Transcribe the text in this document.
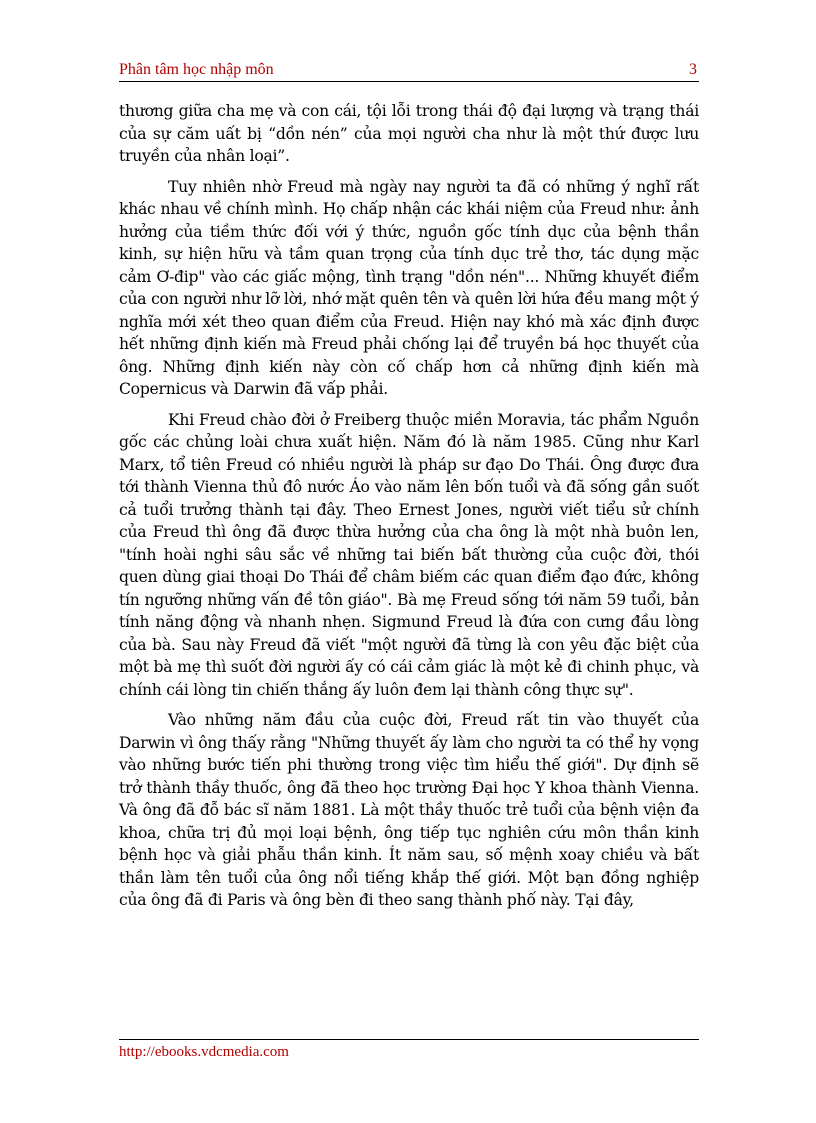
Phân tâm học nhập môn	3

thương giữa cha mẹ và con cái, tội lỗi trong thái độ đại lượng và trạng thái của sự căm uất bị “dồn nén” của mọi người cha như là một thứ được lưu truyền của nhân loại”.

Tuy nhiên nhờ Freud mà ngày nay người ta đã có những ý nghĩ rất khác nhau về chính mình. Họ chấp nhận các khái niệm của Freud như: ảnh hưởng của tiềm thức đối với ý thức, nguồn gốc tính dục của bệnh thần kinh, sự hiện hữu và tầm quan trọng của tính dục trẻ thơ, tác dụng mặc cảm Ơ-đip" vào các giấc mộng, tình trạng "dồn nén"... Những khuyết điểm của con người như lỡ lời, nhớ mặt quên tên và quên lời hứa đều mang một ý nghĩa mới xét theo quan điểm của Freud. Hiện nay khó mà xác định được hết những định kiến mà Freud phải chống lại để truyền bá học thuyết của ông. Những định kiến này còn cố chấp hơn cả những định kiến mà Copernicus và Darwin đã vấp phải.

Khi Freud chào đời ở Freiberg thuộc miền Moravia, tác phẩm Nguồn gốc các chủng loài chưa xuất hiện. Năm đó là năm 1985. Cũng như Karl Marx, tổ tiên Freud có nhiều người là pháp sư đạo Do Thái. Ông được đưa tới thành Vienna thủ đô nước Áo vào năm lên bốn tuổi và đã sống gần suốt cả tuổi trưởng thành tại đây. Theo Ernest Jones, người viết tiểu sử chính của Freud thì ông đã được thừa hưởng của cha ông là một nhà buôn len, "tính hoài nghi sâu sắc về những tai biến bất thường của cuộc đời, thói quen dùng giai thoại Do Thái để châm biếm các quan điểm đạo đức, không tín ngưỡng những vấn đề tôn giáo". Bà mẹ Freud sống tới năm 59 tuổi, bản tính năng động và nhanh nhẹn. Sigmund Freud là đứa con cưng đầu lòng của bà. Sau này Freud đã viết "một người đã từng là con yêu đặc biệt của một bà mẹ thì suốt đời người ấy có cái cảm giác là một kẻ đi chinh phục, và chính cái lòng tin chiến thắng ấy luôn đem lại thành công thực sự".

Vào những năm đầu của cuộc đời, Freud rất tin vào thuyết của Darwin vì ông thấy rằng "Những thuyết ấy làm cho người ta có thể hy vọng vào những bước tiến phi thường trong việc tìm hiểu thế giới". Dự định sẽ trở thành thầy thuốc, ông đã theo học trường Đại học Y khoa thành Vienna. Và ông đã đỗ bác sĩ năm 1881. Là một thầy thuốc trẻ tuổi của bệnh viện đa khoa, chữa trị đủ mọi loại bệnh, ông tiếp tục nghiên cứu môn thần kinh bệnh học và giải phẫu thần kinh. Ít năm sau, số mệnh xoay chiều và bất thần làm tên tuổi của ông nổi tiếng khắp thế giới. Một bạn đồng nghiệp của ông đã đi Paris và ông bèn đi theo sang thành phố này. Tại đây,

http://ebooks.vdcmedia.com
